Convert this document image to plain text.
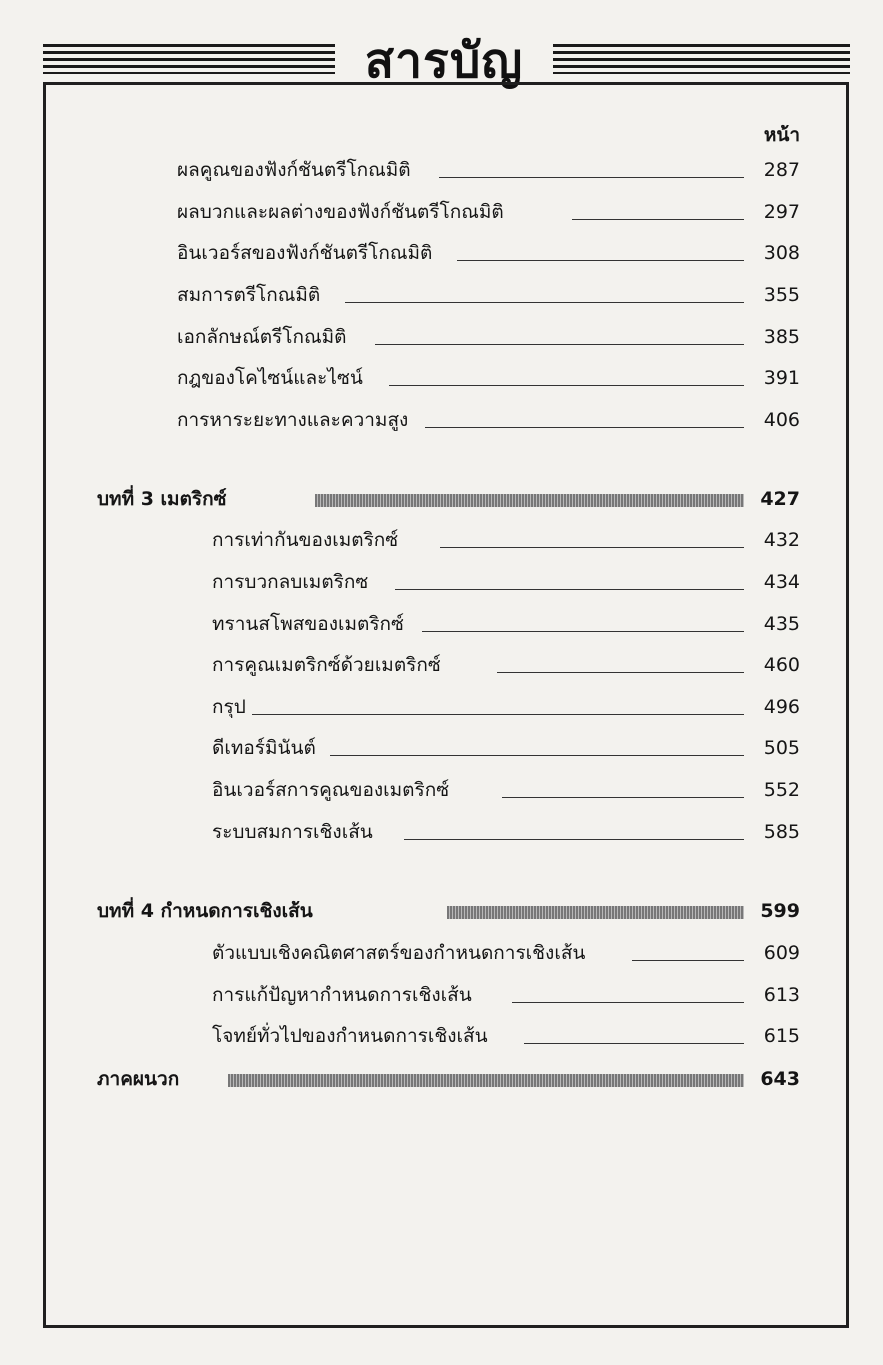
สารบัญ
หน้า
ผลคูณของฟังก์ชันตรีโกณมิติ	287
ผลบวกและผลต่างของฟังก์ชันตรีโกณมิติ	297
อินเวอร์สของฟังก์ชันตรีโกณมิติ	308
สมการตรีโกณมิติ	355
เอกลักษณ์ตรีโกณมิติ	385
กฎของโคไซน์และไซน์	391
การหาระยะทางและความสูง	406
บทที่ 3 เมตริกซ์	427
การเท่ากันของเมตริกซ์	432
การบวกลบเมตริกซ	434
ทรานสโพสของเมตริกซ์	435
การคูณเมตริกซ์ด้วยเมตริกซ์	460
กรุป	496
ดีเทอร์มินันต์	505
อินเวอร์สการคูณของเมตริกซ์	552
ระบบสมการเชิงเส้น	585
บทที่ 4 กำหนดการเชิงเส้น	599
ตัวแบบเชิงคณิตศาสตร์ของกำหนดการเชิงเส้น	609
การแก้ปัญหากำหนดการเชิงเส้น	613
โจทย์ทั่วไปของกำหนดการเชิงเส้น	615
ภาคผนวก	643
